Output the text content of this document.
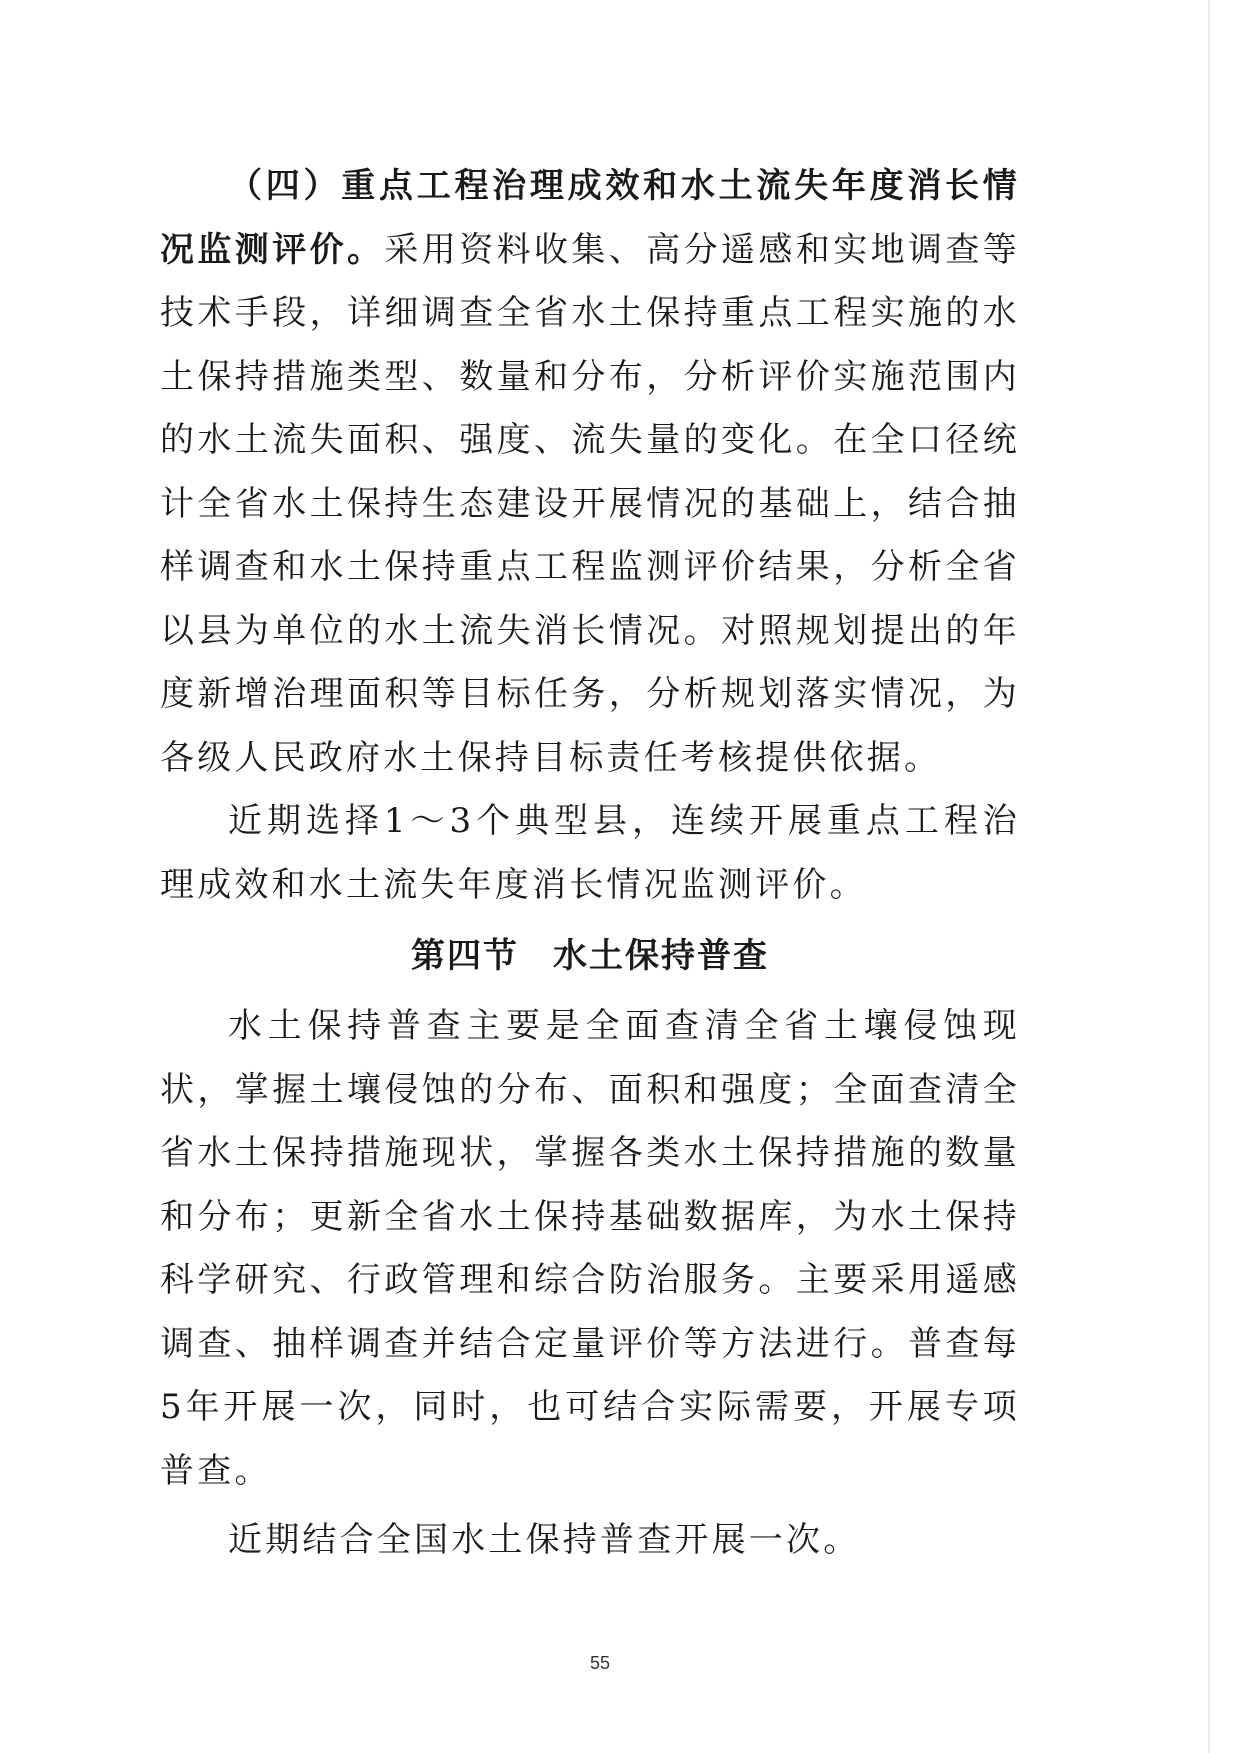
（四）重点工程治理成效和水土流失年度消长情况监测评价。采用资料收集、高分遥感和实地调查等技术手段，详细调查全省水土保持重点工程实施的水土保持措施类型、数量和分布，分析评价实施范围内的水土流失面积、强度、流失量的变化。在全口径统计全省水土保持生态建设开展情况的基础上，结合抽样调查和水土保持重点工程监测评价结果，分析全省以县为单位的水土流失消长情况。对照规划提出的年度新增治理面积等目标任务，分析规划落实情况，为各级人民政府水土保持目标责任考核提供依据。

近期选择1～3个典型县，连续开展重点工程治理成效和水土流失年度消长情况监测评价。

第四节 水土保持普查

水土保持普查主要是全面查清全省土壤侵蚀现状，掌握土壤侵蚀的分布、面积和强度；全面查清全省水土保持措施现状，掌握各类水土保持措施的数量和分布；更新全省水土保持基础数据库，为水土保持科学研究、行政管理和综合防治服务。主要采用遥感调查、抽样调查并结合定量评价等方法进行。普查每5年开展一次，同时，也可结合实际需要，开展专项普查。

近期结合全国水土保持普查开展一次。

55
